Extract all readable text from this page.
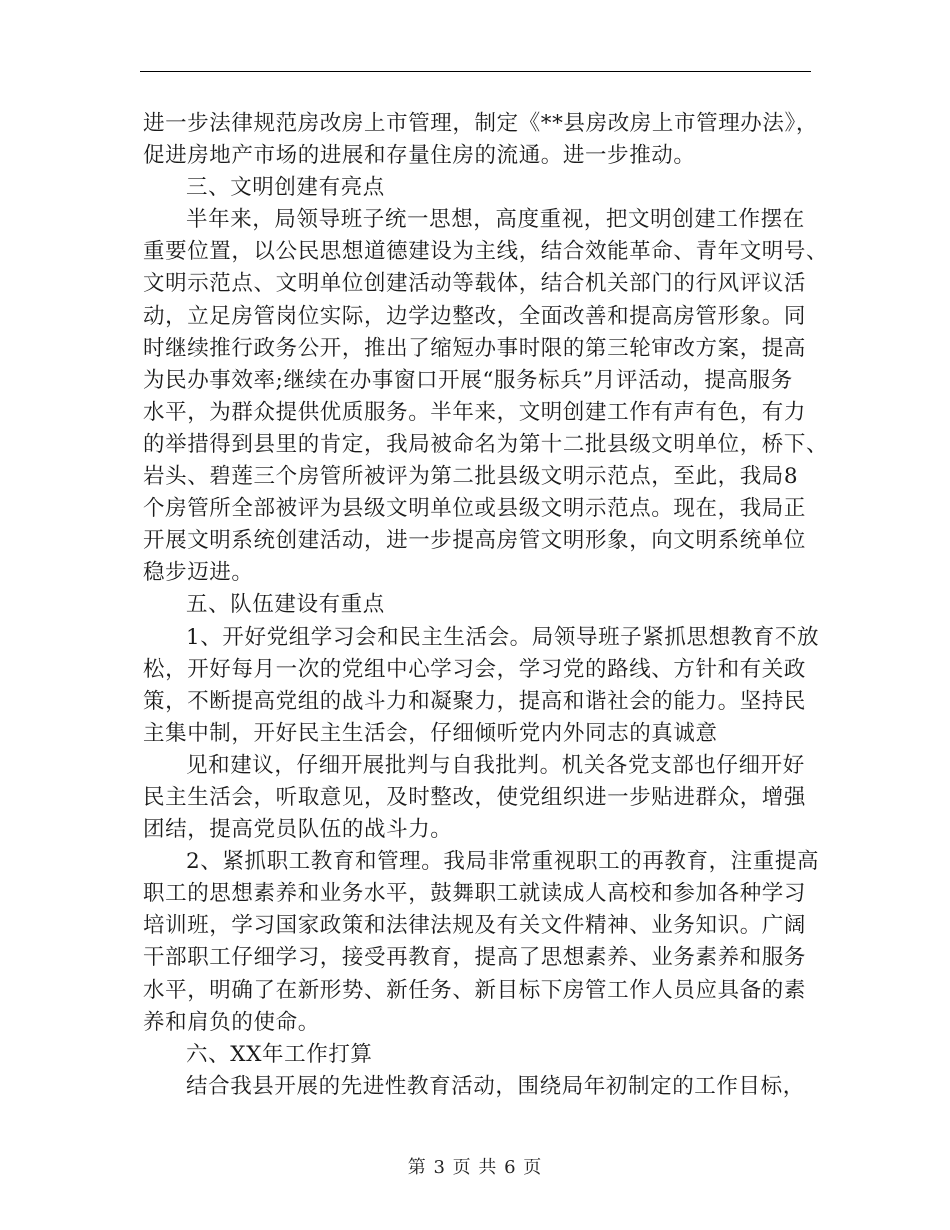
进一步法律规范房改房上市管理，制定《**县房改房上市管理办法》，
促进房地产市场的进展和存量住房的流通。进一步推动。
三、文明创建有亮点
半年来，局领导班子统一思想，高度重视，把文明创建工作摆在
重要位置，以公民思想道德建设为主线，结合效能革命、青年文明号、
文明示范点、文明单位创建活动等载体，结合机关部门的行风评议活
动，立足房管岗位实际，边学边整改，全面改善和提高房管形象。同
时继续推行政务公开，推出了缩短办事时限的第三轮审改方案，提高
为民办事效率;继续在办事窗口开展“服务标兵”月评活动，提高服务
水平，为群众提供优质服务。半年来，文明创建工作有声有色，有力
的举措得到县里的肯定，我局被命名为第十二批县级文明单位，桥下、
岩头、碧莲三个房管所被评为第二批县级文明示范点，至此，我局8
个房管所全部被评为县级文明单位或县级文明示范点。现在，我局正
开展文明系统创建活动，进一步提高房管文明形象，向文明系统单位
稳步迈进。
五、队伍建设有重点
1、开好党组学习会和民主生活会。局领导班子紧抓思想教育不放
松，开好每月一次的党组中心学习会，学习党的路线、方针和有关政
策，不断提高党组的战斗力和凝聚力，提高和谐社会的能力。坚持民
主集中制，开好民主生活会，仔细倾听党内外同志的真诚意
见和建议，仔细开展批判与自我批判。机关各党支部也仔细开好
民主生活会，听取意见，及时整改，使党组织进一步贴进群众，增强
团结，提高党员队伍的战斗力。
2、紧抓职工教育和管理。我局非常重视职工的再教育，注重提高
职工的思想素养和业务水平，鼓舞职工就读成人高校和参加各种学习
培训班，学习国家政策和法律法规及有关文件精神、业务知识。广阔
干部职工仔细学习，接受再教育，提高了思想素养、业务素养和服务
水平，明确了在新形势、新任务、新目标下房管工作人员应具备的素
养和肩负的使命。
六、XX年工作打算
结合我县开展的先进性教育活动，围绕局年初制定的工作目标，
第 3 页 共 6 页
